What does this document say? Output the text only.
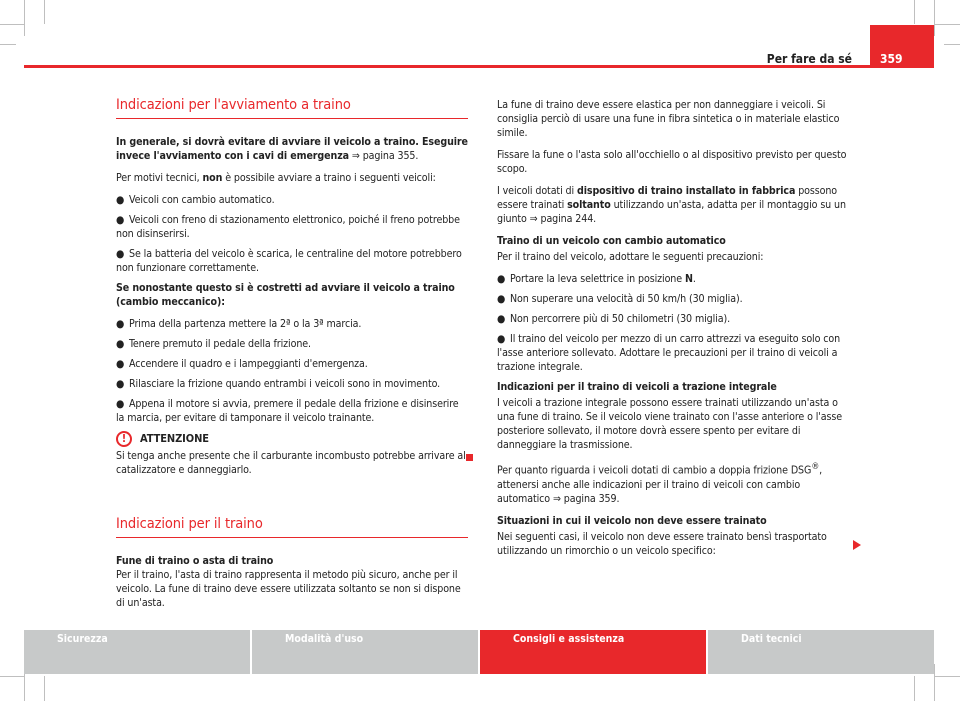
Per fare da sé 359
Indicazioni per l'avviamento a traino

In generale, si dovrà evitare di avviare il veicolo a traino. Eseguire invece l'avviamento con i cavi di emergenza ⇒ pagina 355.

Per motivi tecnici, non è possibile avviare a traino i seguenti veicoli:

● Veicoli con cambio automatico.
● Veicoli con freno di stazionamento elettronico, poiché il freno potrebbe non disinserirsi.
● Se la batteria del veicolo è scarica, le centraline del motore potrebbero non funzionare correttamente.

Se nonostante questo si è costretti ad avviare il veicolo a traino (cambio meccanico):

● Prima della partenza mettere la 2ª o la 3ª marcia.
● Tenere premuto il pedale della frizione.
● Accendere il quadro e i lampeggianti d'emergenza.
● Rilasciare la frizione quando entrambi i veicoli sono in movimento.
● Appena il motore si avvia, premere il pedale della frizione e disinserire la marcia, per evitare di tamponare il veicolo trainante.
!	ATTENZIONE

Si tenga anche presente che il carburante incombusto potrebbe arrivare al catalizzatore e danneggiarlo.

Indicazioni per il traino

Fune di traino o asta di traino

Per il traino, l'asta di traino rappresenta il metodo più sicuro, anche per il veicolo. La fune di traino deve essere utilizzata soltanto se non si dispone di un'asta.

La fune di traino deve essere elastica per non danneggiare i veicoli. Si consiglia perciò di usare una fune in fibra sintetica o in materiale elastico simile.

Fissare la fune o l'asta solo all'occhiello o al dispositivo previsto per questo scopo.

I veicoli dotati di dispositivo di traino installato in fabbrica possono essere trainati soltanto utilizzando un'asta, adatta per il montaggio su un giunto ⇒ pagina 244.

Traino di un veicolo con cambio automatico

Per il traino del veicolo, adottare le seguenti precauzioni:

● Portare la leva selettrice in posizione N.
● Non superare una velocità di 50 km/h (30 miglia).
● Non percorrere più di 50 chilometri (30 miglia).
● Il traino del veicolo per mezzo di un carro attrezzi va eseguito solo con l'asse anteriore sollevato. Adottare le precauzioni per il traino di veicoli a trazione integrale.

Indicazioni per il traino di veicoli a trazione integrale

I veicoli a trazione integrale possono essere trainati utilizzando un'asta o una fune di traino. Se il veicolo viene trainato con l'asse anteriore o l'asse posteriore sollevato, il motore dovrà essere spento per evitare di danneggiare la trasmissione.

Per quanto riguarda i veicoli dotati di cambio a doppia frizione DSG®, attenersi anche alle indicazioni per il traino di veicoli con cambio automatico ⇒ pagina 359.

Situazioni in cui il veicolo non deve essere trainato

Nei seguenti casi, il veicolo non deve essere trainato bensì trasportato utilizzando un rimorchio o un veicolo specifico:

Sicurezza	Modalità d'uso	Consigli e assistenza	Dati tecnici
